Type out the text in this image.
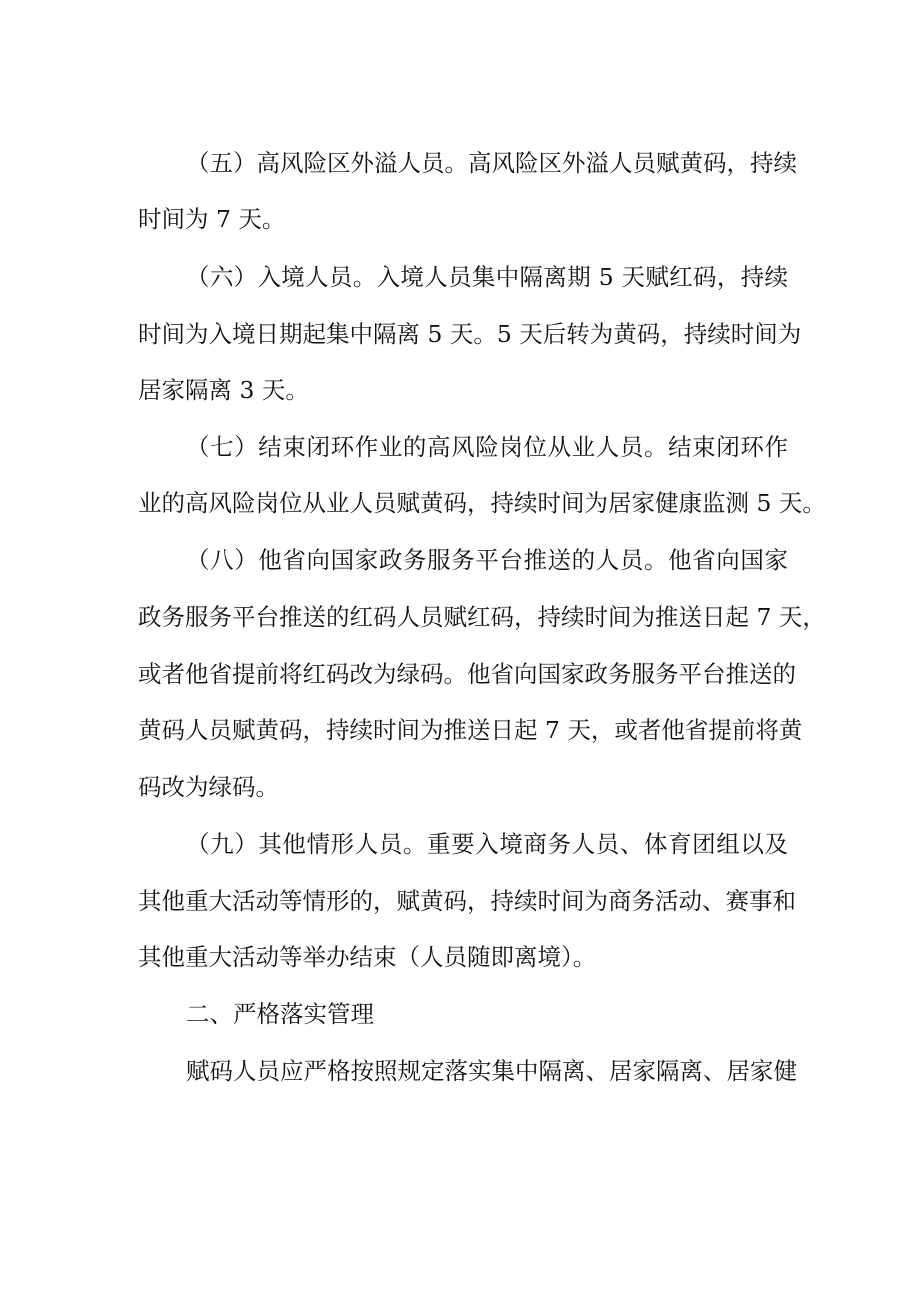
（五）高风险区外溢人员。高风险区外溢人员赋黄码，持续
时间为 7 天。
（六）入境人员。入境人员集中隔离期 5 天赋红码，持续
时间为入境日期起集中隔离 5 天。5 天后转为黄码，持续时间为
居家隔离 3 天。
（七）结束闭环作业的高风险岗位从业人员。结束闭环作
业的高风险岗位从业人员赋黄码，持续时间为居家健康监测 5 天。
（八）他省向国家政务服务平台推送的人员。他省向国家
政务服务平台推送的红码人员赋红码，持续时间为推送日起 7 天，
或者他省提前将红码改为绿码。他省向国家政务服务平台推送的
黄码人员赋黄码，持续时间为推送日起 7 天，或者他省提前将黄
码改为绿码。
（九）其他情形人员。重要入境商务人员、体育团组以及
其他重大活动等情形的，赋黄码，持续时间为商务活动、赛事和
其他重大活动等举办结束（人员随即离境）。
二、严格落实管理
赋码人员应严格按照规定落实集中隔离、居家隔离、居家健
